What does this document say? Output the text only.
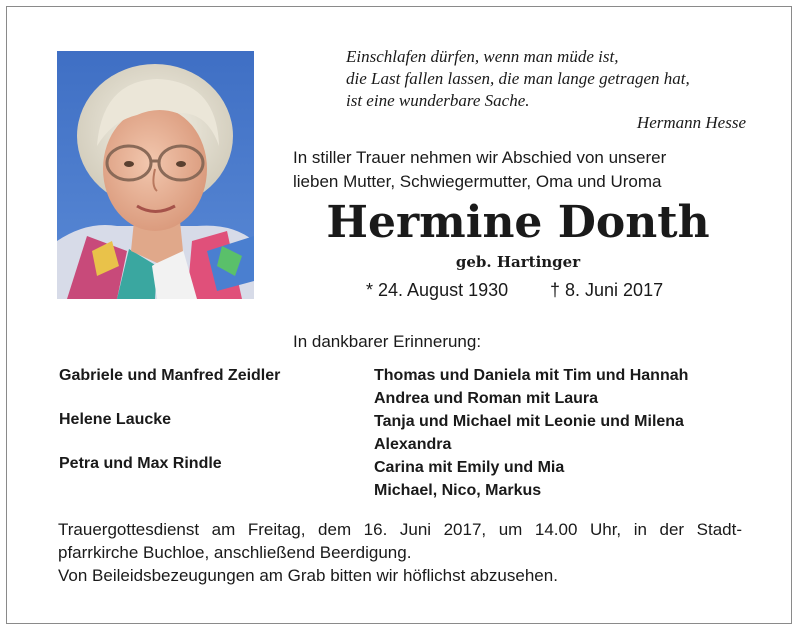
Einschlafen dürfen, wenn man müde ist,
die Last fallen lassen, die man lange getragen hat,
ist eine wunderbare Sache.
Hermann Hesse
In stiller Trauer nehmen wir Abschied von unserer
lieben Mutter, Schwiegermutter, Oma und Uroma
Hermine Donth
geb. Hartinger
* 24. August 1930 † 8. Juni 2017
In dankbarer Erinnerung:
Gabriele und Manfred Zeidler
Helene Laucke
Petra und Max Rindle
Thomas und Daniela mit Tim und Hannah
Andrea und Roman mit Laura
Tanja und Michael mit Leonie und Milena
Alexandra
Carina mit Emily und Mia
Michael, Nico, Markus
Trauergottesdienst am Freitag, dem 16. Juni 2017, um 14.00 Uhr, in der Stadt-
pfarrkirche Buchloe, anschließend Beerdigung.
Von Beileidsbezeugungen am Grab bitten wir höflichst abzusehen.
